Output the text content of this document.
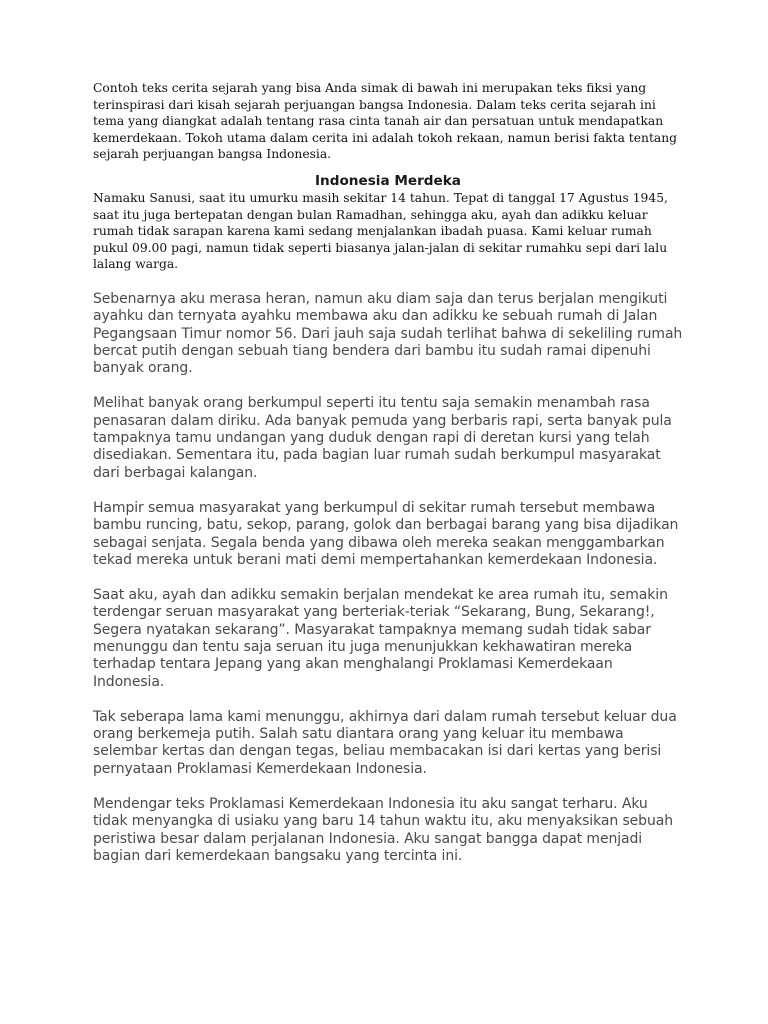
Contoh teks cerita sejarah yang bisa Anda simak di bawah ini merupakan teks fiksi yang terinspirasi dari kisah sejarah perjuangan bangsa Indonesia. Dalam teks cerita sejarah ini tema yang diangkat adalah tentang rasa cinta tanah air dan persatuan untuk mendapatkan kemerdekaan. Tokoh utama dalam cerita ini adalah tokoh rekaan, namun berisi fakta tentang sejarah perjuangan bangsa Indonesia.

Indonesia Merdeka

Namaku Sanusi, saat itu umurku masih sekitar 14 tahun. Tepat di tanggal 17 Agustus 1945, saat itu juga bertepatan dengan bulan Ramadhan, sehingga aku, ayah dan adikku keluar rumah tidak sarapan karena kami sedang menjalankan ibadah puasa. Kami keluar rumah pukul 09.00 pagi, namun tidak seperti biasanya jalan-jalan di sekitar rumahku sepi dari lalu lalang warga.

Sebenarnya aku merasa heran, namun aku diam saja dan terus berjalan mengikuti ayahku dan ternyata ayahku membawa aku dan adikku ke sebuah rumah di Jalan Pegangsaan Timur nomor 56. Dari jauh saja sudah terlihat bahwa di sekeliling rumah bercat putih dengan sebuah tiang bendera dari bambu itu sudah ramai dipenuhi banyak orang.

Melihat banyak orang berkumpul seperti itu tentu saja semakin menambah rasa penasaran dalam diriku. Ada banyak pemuda yang berbaris rapi, serta banyak pula tampaknya tamu undangan yang duduk dengan rapi di deretan kursi yang telah disediakan. Sementara itu, pada bagian luar rumah sudah berkumpul masyarakat dari berbagai kalangan.

Hampir semua masyarakat yang berkumpul di sekitar rumah tersebut membawa bambu runcing, batu, sekop, parang, golok dan berbagai barang yang bisa dijadikan sebagai senjata. Segala benda yang dibawa oleh mereka seakan menggambarkan tekad mereka untuk berani mati demi mempertahankan kemerdekaan Indonesia.

Saat aku, ayah dan adikku semakin berjalan mendekat ke area rumah itu, semakin terdengar seruan masyarakat yang berteriak-teriak “Sekarang, Bung, Sekarang!, Segera nyatakan sekarang”. Masyarakat tampaknya memang sudah tidak sabar menunggu dan tentu saja seruan itu juga menunjukkan kekhawatiran mereka terhadap tentara Jepang yang akan menghalangi Proklamasi Kemerdekaan Indonesia.

Tak seberapa lama kami menunggu, akhirnya dari dalam rumah tersebut keluar dua orang berkemeja putih. Salah satu diantara orang yang keluar itu membawa selembar kertas dan dengan tegas, beliau membacakan isi dari kertas yang berisi pernyataan Proklamasi Kemerdekaan Indonesia.

Mendengar teks Proklamasi Kemerdekaan Indonesia itu aku sangat terharu. Aku tidak menyangka di usiaku yang baru 14 tahun waktu itu, aku menyaksikan sebuah peristiwa besar dalam perjalanan Indonesia. Aku sangat bangga dapat menjadi bagian dari kemerdekaan bangsaku yang tercinta ini.
